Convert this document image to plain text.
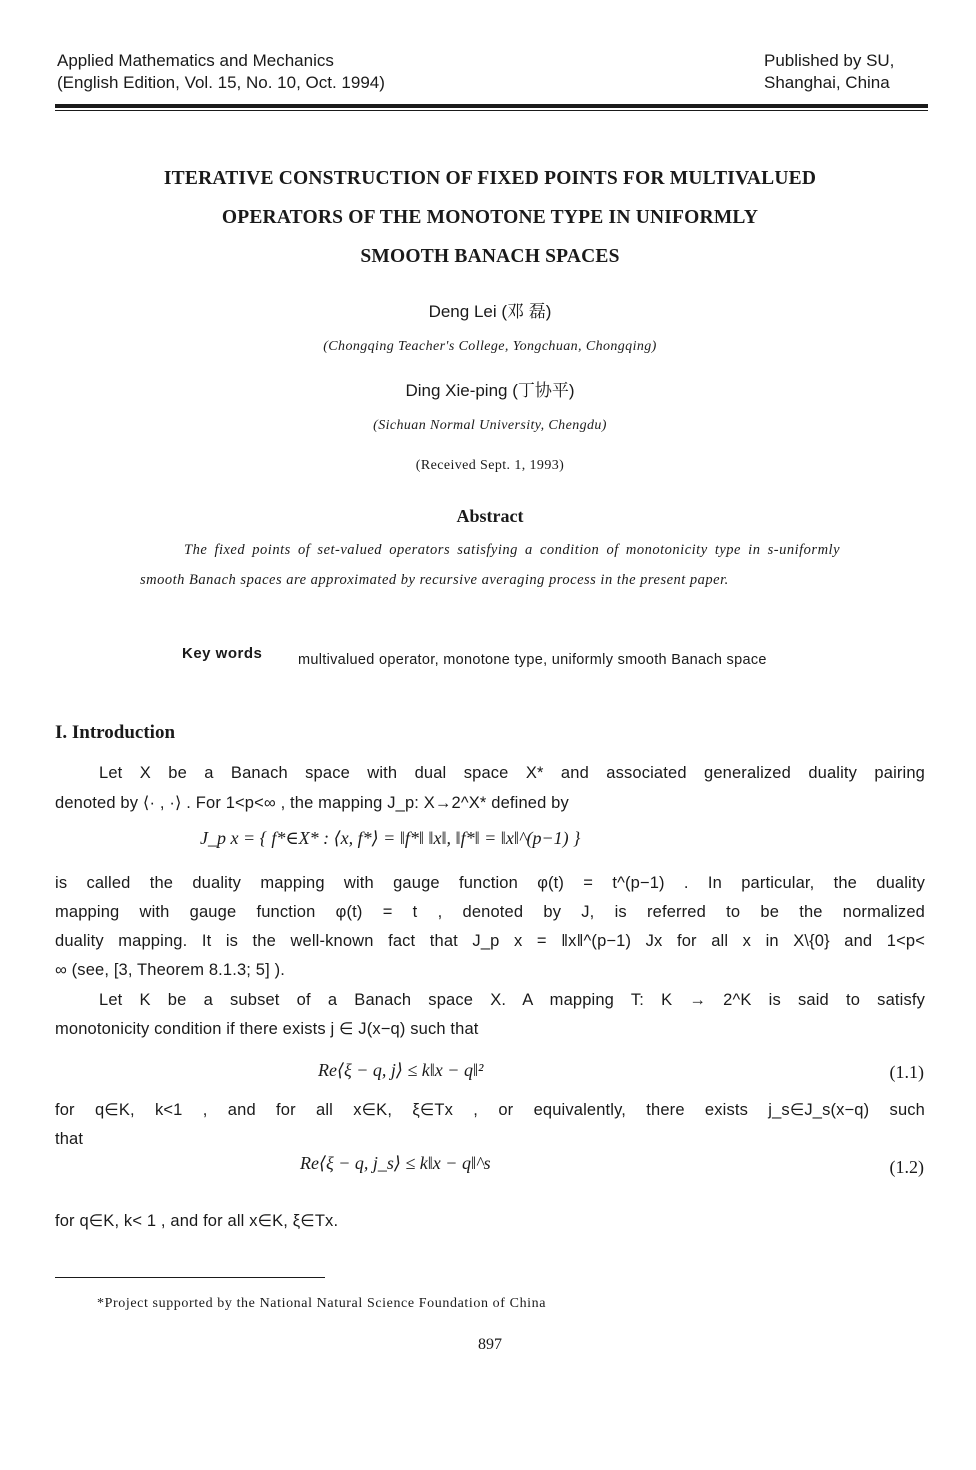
Applied Mathematics and Mechanics
(English Edition, Vol. 15, No. 10, Oct. 1994)
Published by SU,
Shanghai, China
ITERATIVE CONSTRUCTION OF FIXED POINTS FOR MULTIVALUED
OPERATORS OF THE MONOTONE TYPE IN UNIFORMLY
SMOOTH BANACH SPACES
Deng Lei (邓 磊)
(Chongqing Teacher's College, Yongchuan, Chongqing)
Ding Xie-ping (丁协平)
(Sichuan Normal University, Chengdu)
(Received Sept. 1, 1993)
Abstract
The fixed points of set-valued operators satisfying a condition of monotonicity type in s-uniformly smooth Banach spaces are approximated by recursive averaging process in the present paper.
Key words multivalued operator, monotone type, uniformly smooth Banach space
I. Introduction
Let X be a Banach space with dual space X* and associated generalized duality pairing
denoted by ⟨· , ·⟩ . For 1<p<∞ , the mapping J_p: X→2^X* defined by
J_p x = { f*∈X* : ⟨x, f*⟩ = ‖f*‖ ‖x‖, ‖f*‖ = ‖x‖^(p−1) }
is called the duality mapping with gauge function φ(t) = t^(p−1) . In particular, the duality
mapping with gauge function φ(t) = t , denoted by J, is referred to be the normalized
duality mapping. It is the well-known fact that J_p x = ‖x‖^(p−1) Jx for all x in X\{0} and 1<p<
∞ (see, [3, Theorem 8.1.3; 5] ).
Let K be a subset of a Banach space X. A mapping T: K → 2^K is said to satisfy
monotonicity condition if there exists j ∈ J(x−q) such that
Re⟨ξ − q, j⟩ ≤ k‖x − q‖²	(1.1)
for q∈K, k<1 , and for all x∈K, ξ∈Tx , or equivalently, there exists j_s∈J_s(x−q) such
that
Re⟨ξ − q, j_s⟩ ≤ k‖x − q‖^s	(1.2)
for q∈K, k< 1 , and for all x∈K, ξ∈Tx.
*Project supported by the National Natural Science Foundation of China
897
